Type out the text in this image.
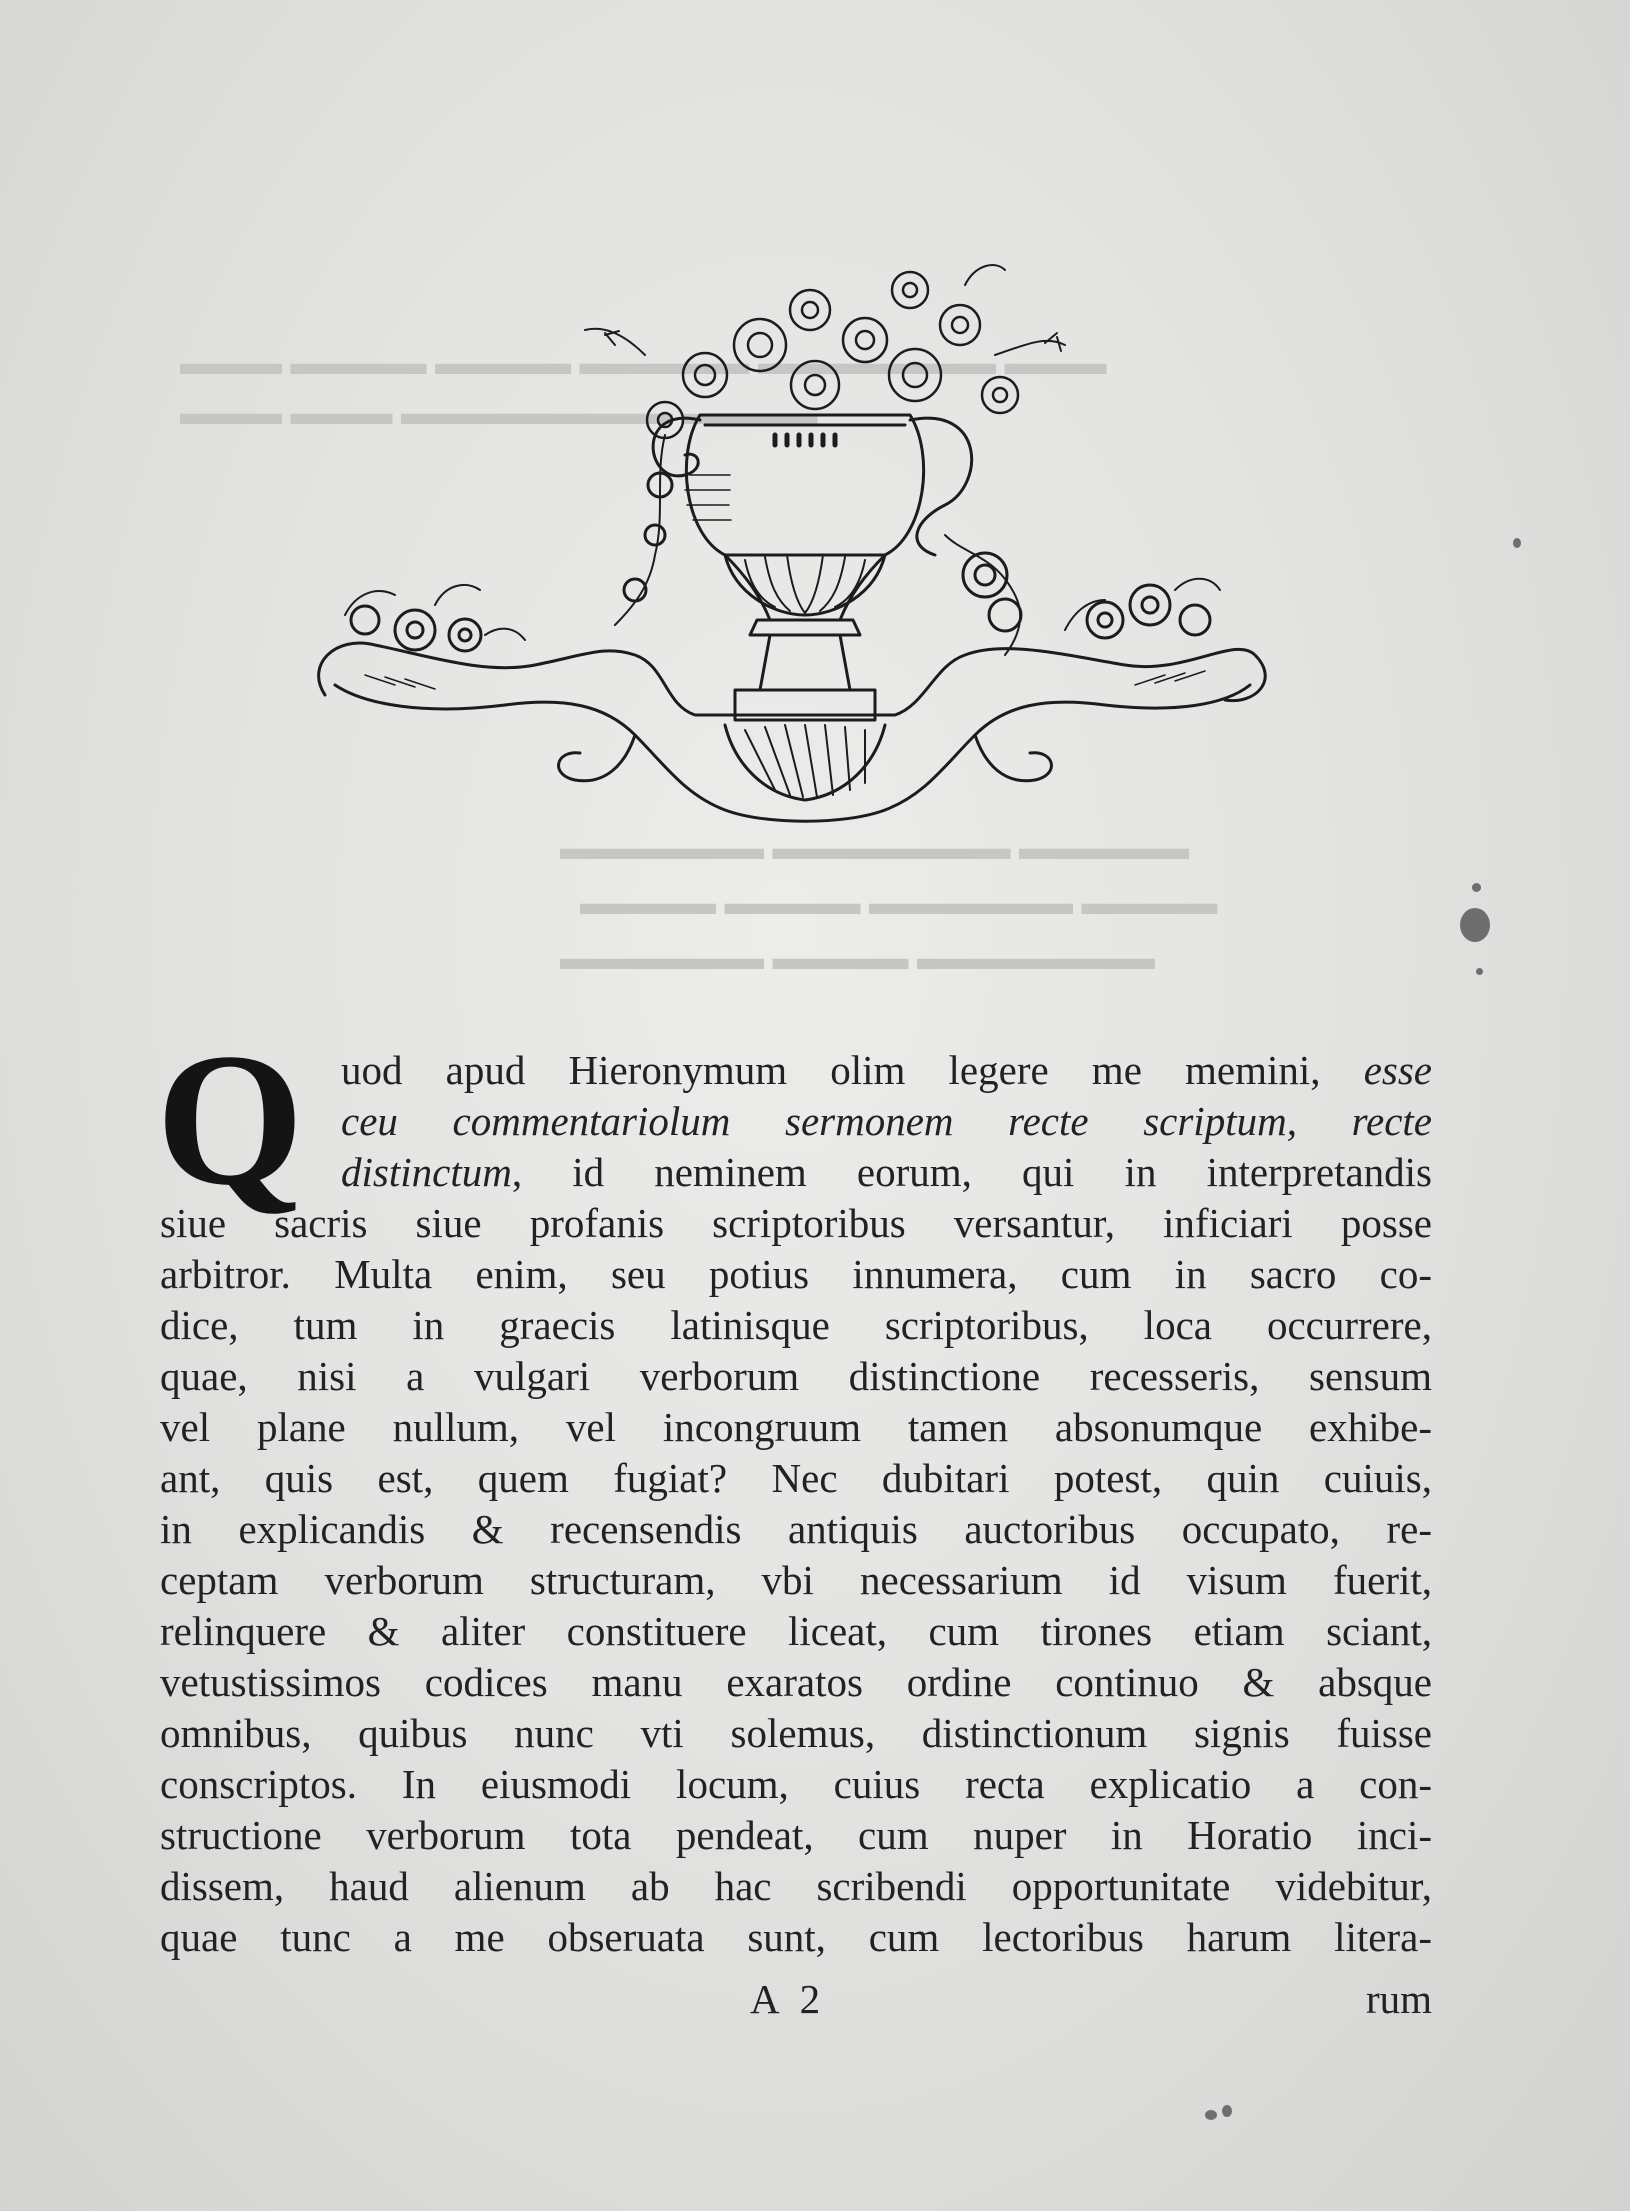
▬▬▬ ▬▬▬▬▬▬▬ ▬▬▬▬▬ ▬▬▬▬ ▬▬▬▬ ▬▬▬
▬▬▬▬ ▬▬▬▬▬▬▬▬ ▬▬▬ ▬▬▬
▬▬▬▬▬ ▬▬▬▬▬▬▬ ▬▬▬▬▬▬
▬▬▬▬ ▬▬▬▬▬▬ ▬▬▬▬ ▬▬▬▬
▬▬▬▬▬▬▬ ▬▬▬▬ ▬▬▬▬▬▬
Q uod apud Hieronymum olim legere me memini, esse
ceu commentariolum sermonem recte scriptum, recte
distinctum, id neminem eorum, qui in interpretandis
siue sacris siue profanis scriptoribus versantur, inficiari posse
arbitror. Multa enim, seu potius innumera, cum in sacro co-
dice, tum in graecis latinisque scriptoribus, loca occurrere,
quae, nisi a vulgari verborum distinctione recesseris, sensum
vel plane nullum, vel incongruum tamen absonumque exhibe-
ant, quis est, quem fugiat? Nec dubitari potest, quin cuiuis,
in explicandis & recensendis antiquis auctoribus occupato, re-
ceptam verborum structuram, vbi necessarium id visum fuerit,
relinquere & aliter constituere liceat, cum tirones etiam sciant,
vetustissimos codices manu exaratos ordine continuo & absque
omnibus, quibus nunc vti solemus, distinctionum signis fuisse
conscriptos. In eiusmodi locum, cuius recta explicatio a con-
structione verborum tota pendeat, cum nuper in Horatio inci-
dissem, haud alienum ab hac scribendi opportunitate videbitur,
quae tunc a me obseruata sunt, cum lectoribus harum litera-
A 2	rum
